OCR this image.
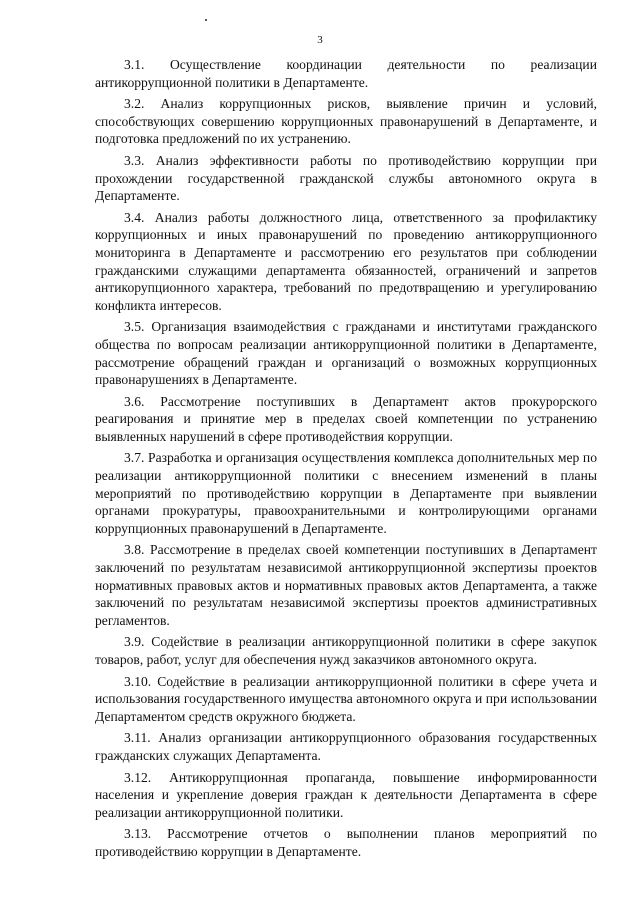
3

3.1. Осуществление координации деятельности по реализации антикоррупционной политики в Департаменте.

3.2. Анализ коррупционных рисков, выявление причин и условий, способствующих совершению коррупционных правонарушений в Департаменте, и подготовка предложений по их устранению.

3.3. Анализ эффективности работы по противодействию коррупции при прохождении государственной гражданской службы автономного округа в Департаменте.

3.4. Анализ работы должностного лица, ответственного за профилактику коррупционных и иных правонарушений по проведению антикоррупционного мониторинга в Департаменте и рассмотрению его результатов при соблюдении гражданскими служащими департамента обязанностей, ограничений и запретов антикорупционного характера, требований по предотвращению и урегулированию конфликта интересов.

3.5. Организация взаимодействия с гражданами и институтами гражданского общества по вопросам реализации антикоррупционной политики в Департаменте, рассмотрение обращений граждан и организаций о возможных коррупционных правонарушениях в Департаменте.

3.6. Рассмотрение поступивших в Департамент актов прокурорского реагирования и принятие мер в пределах своей компетенции по устранению выявленных нарушений в сфере противодействия коррупции.

3.7. Разработка и организация осуществления комплекса дополнительных мер по реализации антикоррупционной политики с внесением изменений в планы мероприятий по противодействию коррупции в Департаменте при выявлении органами прокуратуры, правоохранительными и контролирующими органами коррупционных правонарушений в Департаменте.

3.8. Рассмотрение в пределах своей компетенции поступивших в Департамент заключений по результатам независимой антикоррупционной экспертизы проектов нормативных правовых актов и нормативных правовых актов Департамента, а также заключений по результатам независимой экспертизы проектов административных регламентов.

3.9. Содействие в реализации антикоррупционной политики в сфере закупок товаров, работ, услуг для обеспечения нужд заказчиков автономного округа.

3.10. Содействие в реализации антикоррупционной политики в сфере учета и использования государственного имущества автономного округа и при использовании Департаментом средств окружного бюджета.

3.11. Анализ организации антикоррупционного образования государственных гражданских служащих Департамента.

3.12. Антикоррупционная пропаганда, повышение информированности населения и укрепление доверия граждан к деятельности Департамента в сфере реализации антикоррупционной политики.

3.13. Рассмотрение отчетов о выполнении планов мероприятий по противодействию коррупции в Департаменте.
